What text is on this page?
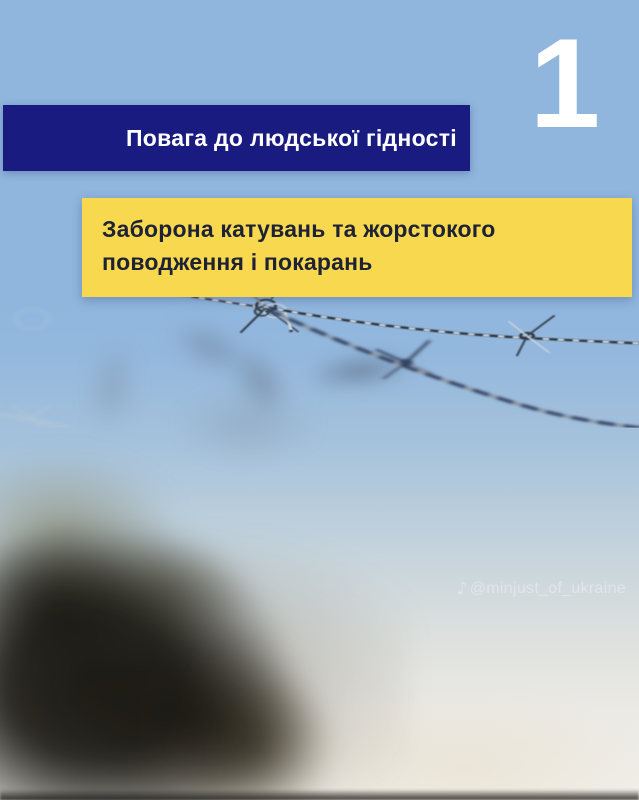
♪ @minjust_of_ukraine
1
Повага до людської гідності
Заборона катувань та жорстокого
поводження і покарань
